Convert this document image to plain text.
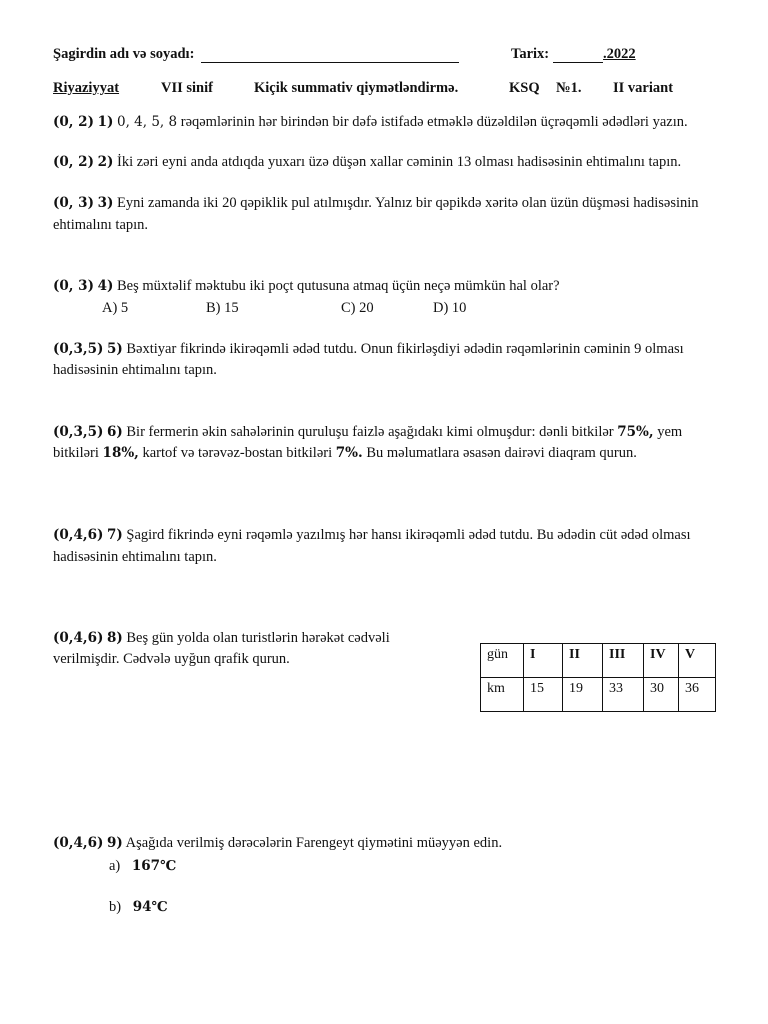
Şagirdin adı və soyadı:	Tarix:	.2022
Riyaziyyat	VII sinif	Kiçik summativ qiymətləndirmə.	KSQ №1. II variant
(0, 2) 1) 0, 4, 5, 8 rəqəmlərinin hər birindən bir dəfə istifadə etməklə düzəldilən üçrəqəmli ədədləri yazın.
(0, 2) 2) İki zəri eyni anda atdıqda yuxarı üzə düşən xallar cəminin 13 olması hadisəsinin ehtimalını tapın.
(0, 3) 3) Eyni zamanda iki 20 qəpiklik pul atılmışdır. Yalnız bir qəpikdə xəritə olan üzün düşməsi hadisəsinin
ehtimalını tapın.
(0, 3) 4) Beş müxtəlif məktubu iki poçt qutusuna atmaq üçün neçə mümkün hal olar?
A) 5	B) 15	C) 20	D) 10
(0,3,5) 5) Bəxtiyar fikrində ikirəqəmli ədəd tutdu. Onun fikirləşdiyi ədədin rəqəmlərinin cəminin 9 olması
hadisəsinin ehtimalını tapın.
(0,3,5) 6) Bir fermerin əkin sahələrinin quruluşu faizlə aşağıdakı kimi olmuşdur: dənli bitkilər 75%, yem
bitkiləri 18%, kartof və tərəvəz-bostan bitkiləri 7%. Bu məlumatlara əsasən dairəvi diaqram qurun.
(0,4,6) 7) Şagird fikrində eyni rəqəmlə yazılmış hər hansı ikirəqəmli ədəd tutdu. Bu ədədin cüt ədəd olması
hadisəsinin ehtimalını tapın.
(0,4,6) 8) Beş gün yolda olan turistlərin hərəkət cədvəli
verilmişdir. Cədvələ uyğun qrafik qurun.	gün	I	II	III	IV	V
km	15	19	33	30	36
(0,4,6) 9) Aşağıda verilmiş dərəcələrin Farengeyt qiymətini müəyyən edin.
a) 167℃
b) 94℃
